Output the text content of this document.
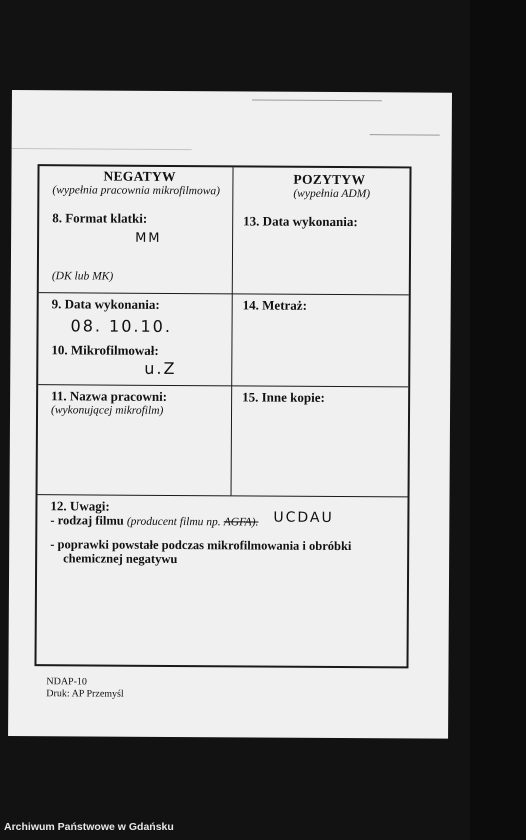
NEGATYW
(wypełnia pracownia mikrofilmowa)
8. Format klatki:
MM
(DK lub MK)
9. Data wykonania:
08. 10.10.
10. Mikrofilmował:
u.Z
11. Nazwa pracowni:
(wykonującej mikrofilm)
POZYTYW
(wypełnia ADM)
13. Data wykonania:
14. Metraż:
15. Inne kopie:
12. Uwagi:
- rodzaj filmu (producent filmu np. AGFA). UCDAU
- poprawki powstałe podczas mikrofilmowania i obróbki
chemicznej negatywu
NDAP-10
Druk: AP Przemyśl
Archiwum Państwowe w Gdańsku
